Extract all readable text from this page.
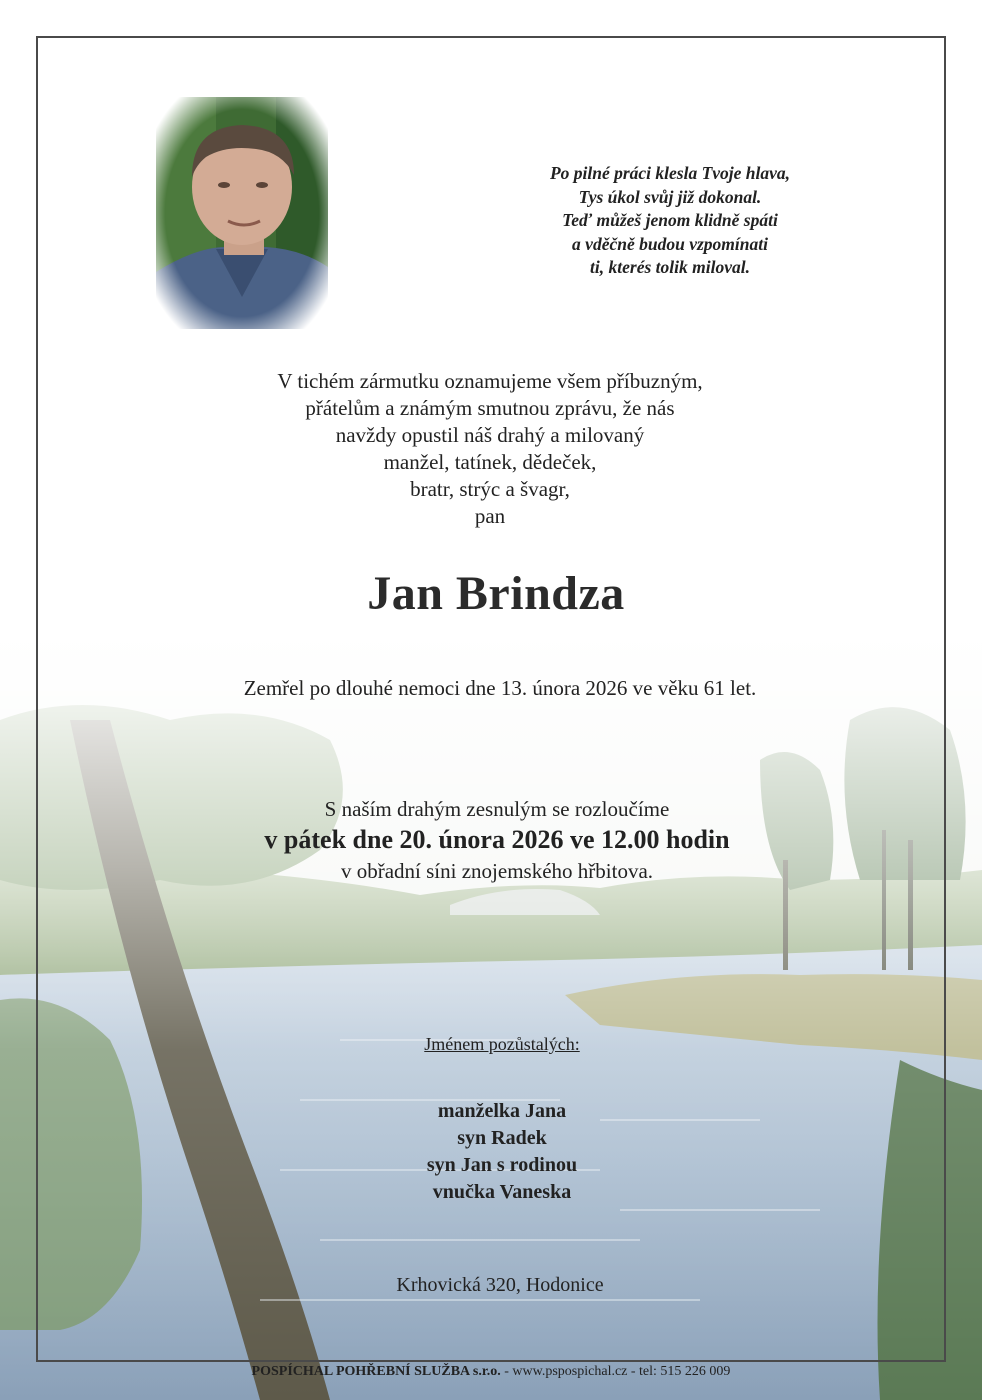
Po pilné práci klesla Tvoje hlava,
Tys úkol svůj již dokonal.
Teď můžeš jenom klidně spáti
a vděčně budou vzpomínati
ti, kterés tolik miloval.
V tichém zármutku oznamujeme všem příbuzným,
přátelům a známým smutnou zprávu, že nás
navždy opustil náš drahý a milovaný
manžel, tatínek, dědeček,
bratr, strýc a švagr,
pan
Jan Brindza
Zemřel po dlouhé nemoci dne 13. února 2026 ve věku 61 let.
S naším drahým zesnulým se rozloučíme
v pátek dne 20. února 2026 ve 12.00 hodin
v obřadní síni znojemského hřbitova.
Jménem pozůstalých:
manželka Jana
syn Radek
syn Jan s rodinou
vnučka Vaneska
Krhovická 320, Hodonice
POSPÍCHAL POHŘEBNÍ SLUŽBA s.r.o. - www.pspospichal.cz - tel: 515 226 009
